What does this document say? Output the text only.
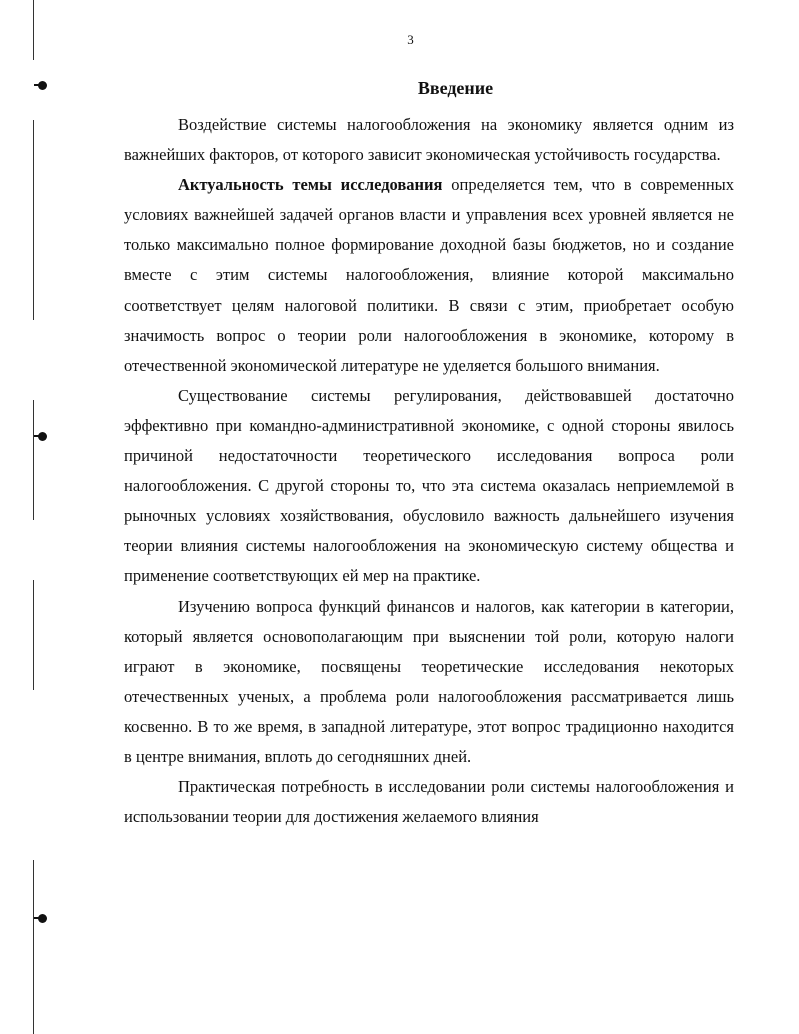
3
Введение

Воздействие системы налогообложения на экономику является одним из важнейших факторов, от которого зависит экономическая устойчивость государства.

Актуальность темы исследования определяется тем, что в современных условиях важнейшей задачей органов власти и управления всех уровней является не только максимально полное формирование доходной базы бюджетов, но и создание вместе с этим системы налогообложения, влияние которой максимально соответствует целям налоговой политики. В связи с этим, приобретает особую значимость вопрос о теории роли налогообложения в экономике, которому в отечественной экономической литературе не уделяется большого внимания.

Существование системы регулирования, действовавшей достаточно эффективно при командно-административной экономике, с одной стороны явилось причиной недостаточности теоретического исследования вопроса роли налогообложения. С другой стороны то, что эта система оказалась неприемлемой в рыночных условиях хозяйствования, обусловило важность дальнейшего изучения теории влияния системы налогообложения на экономическую систему общества и применение соответствующих ей мер на практике.

Изучению вопроса функций финансов и налогов, как категории в категории, который является основополагающим при выяснении той роли, которую налоги играют в экономике, посвящены теоретические исследования некоторых отечественных ученых, а проблема роли налогообложения рассматривается лишь косвенно. В то же время, в западной литературе, этот вопрос традиционно находится в центре внимания, вплоть до сегодняшних дней.

Практическая потребность в исследовании роли системы налогообложения и использовании теории для достижения желаемого влияния
